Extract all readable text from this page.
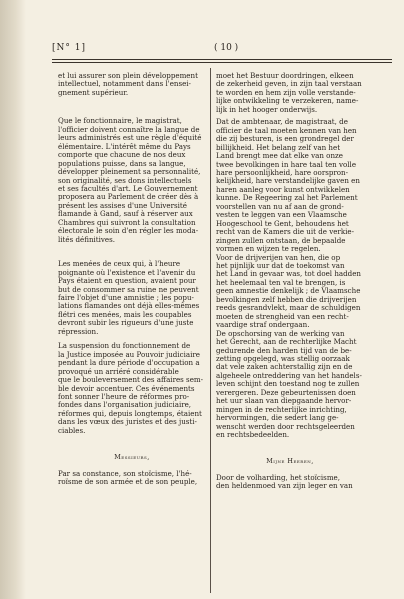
[N° 1]	( 10 )

et lui assurer son plein développement
intellectuel, notamment dans l'ensei-
gnement supérieur.

Que le fonctionnaire, le magistrat,
l'officier doivent connaître la langue de
leurs administrés est une règle d'équité
élémentaire. L'intérêt même du Pays
comporte que chacune de nos deux
populations puisse, dans sa langue,
développer pleinement sa personnalité,
son originalité, ses dons intellectuels
et ses facultés d'art. Le Gouvernement
proposera au Parlement de créer dès à
présent les assises d'une Université
flamande à Gand, sauf à réserver aux
Chambres qui suivront la consultation
électorale le soin d'en régler les moda-
lités définitives.

Les menées de ceux qui, à l'heure
poignante où l'existence et l'avenir du
Pays étaient en question, avaient pour
but de consommer sa ruine ne peuvent
faire l'objet d'une amnistie ; les popu-
lations flamandes ont déjà elles-mêmes
flétri ces menées, mais les coupables
devront subir les rigueurs d'une juste
répression.

La suspension du fonctionnement de
la Justice imposée au Pouvoir judiciaire
pendant la dure période d'occupation a
provoqué un arriéré considérable
que le bouleversement des affaires sem-
ble devoir accentuer. Ces événements
font sonner l'heure de réformes pro-
fondes dans l'organisation judiciaire,
réformes qui, depuis longtemps, étaient
dans les vœux des juristes et des justi-
ciables.

Messieurs,

Par sa constance, son stoïcisme, l'hé-
roïsme de son armée et de son peuple,

moet het Bestuur doordringen, elkeen
de zekerheid geven, in zijn taal verstaan
te worden en hem zijn volle verstande-
lijke ontwikkeling te verzekeren, name-
lijk in het hooger onderwijs.

Dat de ambtenaar, de magistraat, de
officier de taal moeten kennen van hen
die zij besturen, is een grondregel der
billijkheid. Het belang zelf van het
Land brengt mee dat elke van onze
twee bevolkingen in hare taal ten volle
hare persoonlijkheid, hare oorspron-
kelijkheid, hare verstandelijke gaven en
haren aanleg voor kunst ontwikkelen
kunne. De Regeering zal het Parlement
voorstellen van nu af aan de grond-
vesten te leggen van een Vlaamsche
Hoogeschool te Gent, behoudens het
recht van de Kamers die uit de verkie-
zingen zullen ontstaan, de bepaalde
vormen en wijzen te regelen.

Voor de drijverijen van hen, die op
het pijnlijk uur dat de toekomst van
het Land in gevaar was, tot doel hadden
het heelemaal ten val te brengen, is
geen amnestie denkelijk ; de Vlaamsche
bevolkingen zelf hebben die drijverijen
reeds gesrandvlekt, maar de schuldigen
moeten de strengheid van een recht-
vaardige straf ondergaan.

De opschorsing van de werking van
het Gerecht, aan de rechterlijke Macht
gedurende den harden tijd van de be-
zetting opgelegd, was stellig oorzaak
dat vele zaken achterstallig zijn en de
algeheele ontreddering van het handels-
leven schijnt den toestand nog te zullen
verergeren. Deze gebeurtenissen doen
het uur slaan van diepgaande hervor-
mingen in de rechterlijke inrichting,
hervormingen, die sedert lang ge-
wenscht werden door rechtsgeleerden
en rechtsbedeelden.

Mijne Heeren,

Door de volharding, het stoïcisme,
den heldenmoed van zijn leger en van
